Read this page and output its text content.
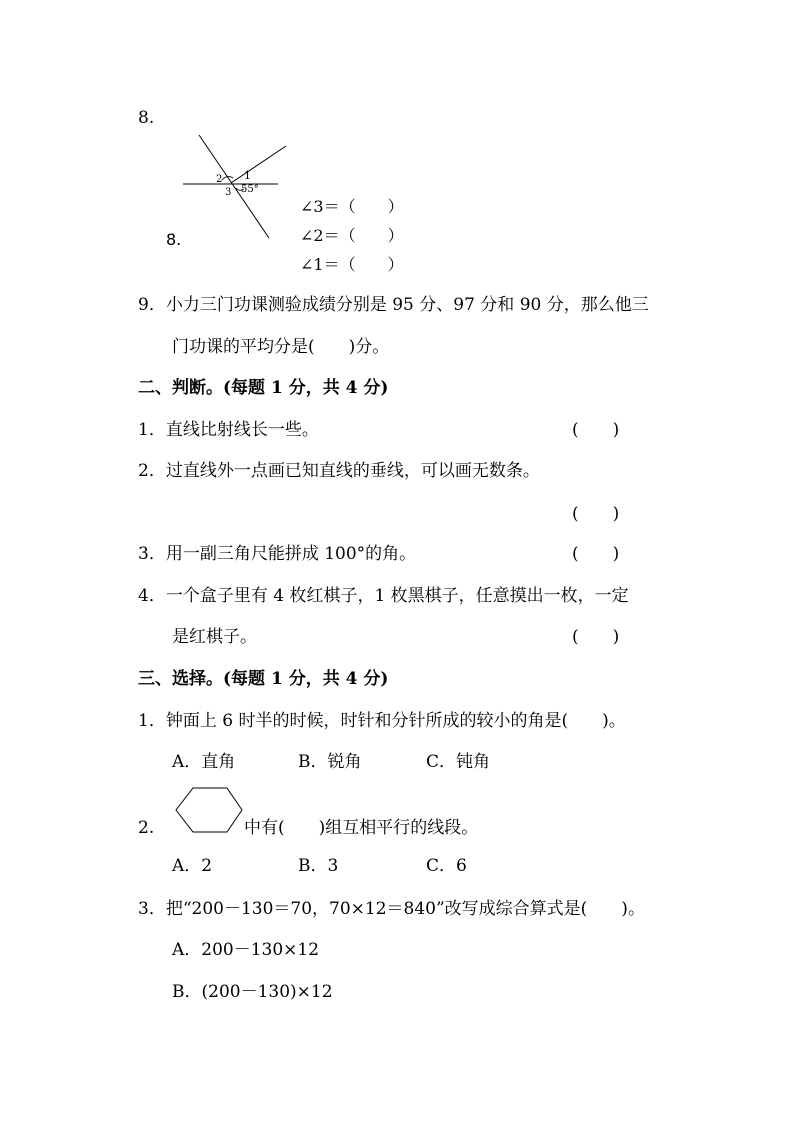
8.
2 1
3 55°
∠3＝（　　）
8.	∠2＝（　　）
∠1＝（　　）
9．小力三门功课测验成绩分别是 95 分、97 分和 90 分，那么他三
门功课的平均分是(　　)分。
二、判断。(每题 1 分，共 4 分)
1．直线比射线长一些。	(　　)
2．过直线外一点画已知直线的垂线，可以画无数条。
(　　)
3．用一副三角尺能拼成 100°的角。	(　　)
4．一个盒子里有 4 枚红棋子，1 枚黑棋子，任意摸出一枚，一定
是红棋子。	(　　)
三、选择。(每题 1 分，共 4 分)
1．钟面上 6 时半的时候，时针和分针所成的较小的角是(　　)。
A．直角	B．锐角	C．钝角
2.	中有(　　)组互相平行的线段。
A．2	B．3	C．6
3．把“200－130＝70，70×12＝840”改写成综合算式是(　　)。
A．200－130×12
B．(200－130)×12
